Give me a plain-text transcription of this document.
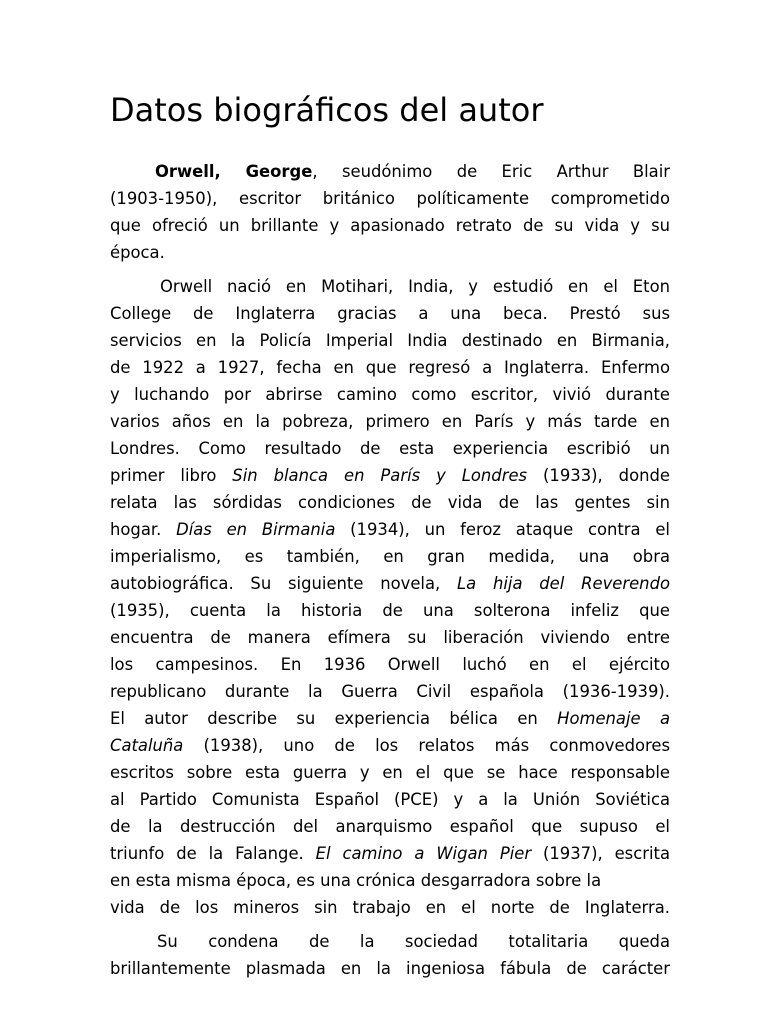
Datos biográficos del autor
Orwell, George, seudónimo de Eric Arthur Blair
(1903-1950), escritor británico políticamente comprometido
que ofreció un brillante y apasionado retrato de su vida y su
época.
Orwell nació en Motihari, India, y estudió en el Eton
College de Inglaterra gracias a una beca. Prestó sus
servicios en la Policía Imperial India destinado en Birmania,
de 1922 a 1927, fecha en que regresó a Inglaterra. Enfermo
y luchando por abrirse camino como escritor, vivió durante
varios años en la pobreza, primero en París y más tarde en
Londres. Como resultado de esta experiencia escribió un
primer libro Sin blanca en París y Londres (1933), donde
relata las sórdidas condiciones de vida de las gentes sin
hogar. Días en Birmania (1934), un feroz ataque contra el
imperialismo, es también, en gran medida, una obra
autobiográfica. Su siguiente novela, La hija del Reverendo
(1935), cuenta la historia de una solterona infeliz que
encuentra de manera efímera su liberación viviendo entre
los campesinos. En 1936 Orwell luchó en el ejército
republicano durante la Guerra Civil española (1936-1939).
El autor describe su experiencia bélica en Homenaje a
Cataluña (1938), uno de los relatos más conmovedores
escritos sobre esta guerra y en el que se hace responsable
al Partido Comunista Español (PCE) y a la Unión Soviética
de la destrucción del anarquismo español que supuso el
triunfo de la Falange. El camino a Wigan Pier (1937), escrita
en esta misma época, es una crónica desgarradora sobre la
vida de los mineros sin trabajo en el norte de Inglaterra.
Su condena de la sociedad totalitaria queda
brillantemente plasmada en la ingeniosa fábula de carácter
